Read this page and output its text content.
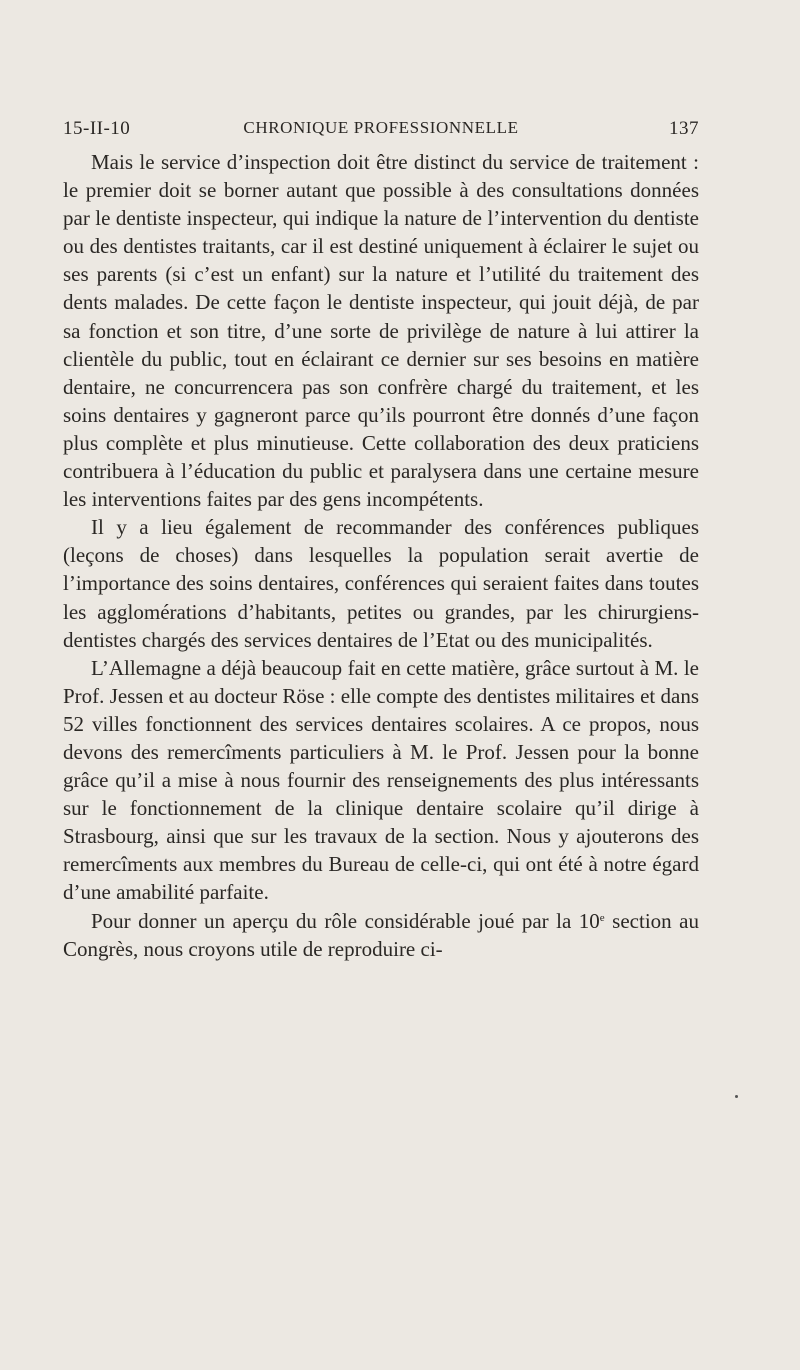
15-II-10	CHRONIQUE PROFESSIONNELLE	137

Mais le service d’inspection doit être distinct du service de traitement : le premier doit se borner autant que possible à des consultations données par le dentiste inspecteur, qui indique la nature de l’intervention du dentiste ou des dentistes traitants, car il est destiné uniquement à éclairer le sujet ou ses parents (si c’est un enfant) sur la nature et l’utilité du traitement des dents malades. De cette façon le dentiste inspecteur, qui jouit déjà, de par sa fonction et son titre, d’une sorte de privilège de nature à lui attirer la clientèle du public, tout en éclairant ce dernier sur ses besoins en matière dentaire, ne concurrencera pas son confrère chargé du traitement, et les soins dentaires y gagneront parce qu’ils pourront être donnés d’une façon plus complète et plus minutieuse. Cette collaboration des deux praticiens contribuera à l’éducation du public et paralysera dans une certaine mesure les interventions faites par des gens incompétents.

Il y a lieu également de recommander des conférences publiques (leçons de choses) dans lesquelles la population serait avertie de l’importance des soins dentaires, conférences qui seraient faites dans toutes les agglomérations d’habitants, petites ou grandes, par les chirurgiens-dentistes chargés des services dentaires de l’Etat ou des municipalités.

L’Allemagne a déjà beaucoup fait en cette matière, grâce surtout à M. le Prof. Jessen et au docteur Röse : elle compte des dentistes militaires et dans 52 villes fonctionnent des services dentaires scolaires. A ce propos, nous devons des remercîments particuliers à M. le Prof. Jessen pour la bonne grâce qu’il a mise à nous fournir des renseignements des plus intéressants sur le fonctionnement de la clinique dentaire scolaire qu’il dirige à Strasbourg, ainsi que sur les travaux de la section. Nous y ajouterons des remercîments aux membres du Bureau de celle-ci, qui ont été à notre égard d’une amabilité parfaite.

Pour donner un aperçu du rôle considérable joué par la 10e section au Congrès, nous croyons utile de reproduire ci-
